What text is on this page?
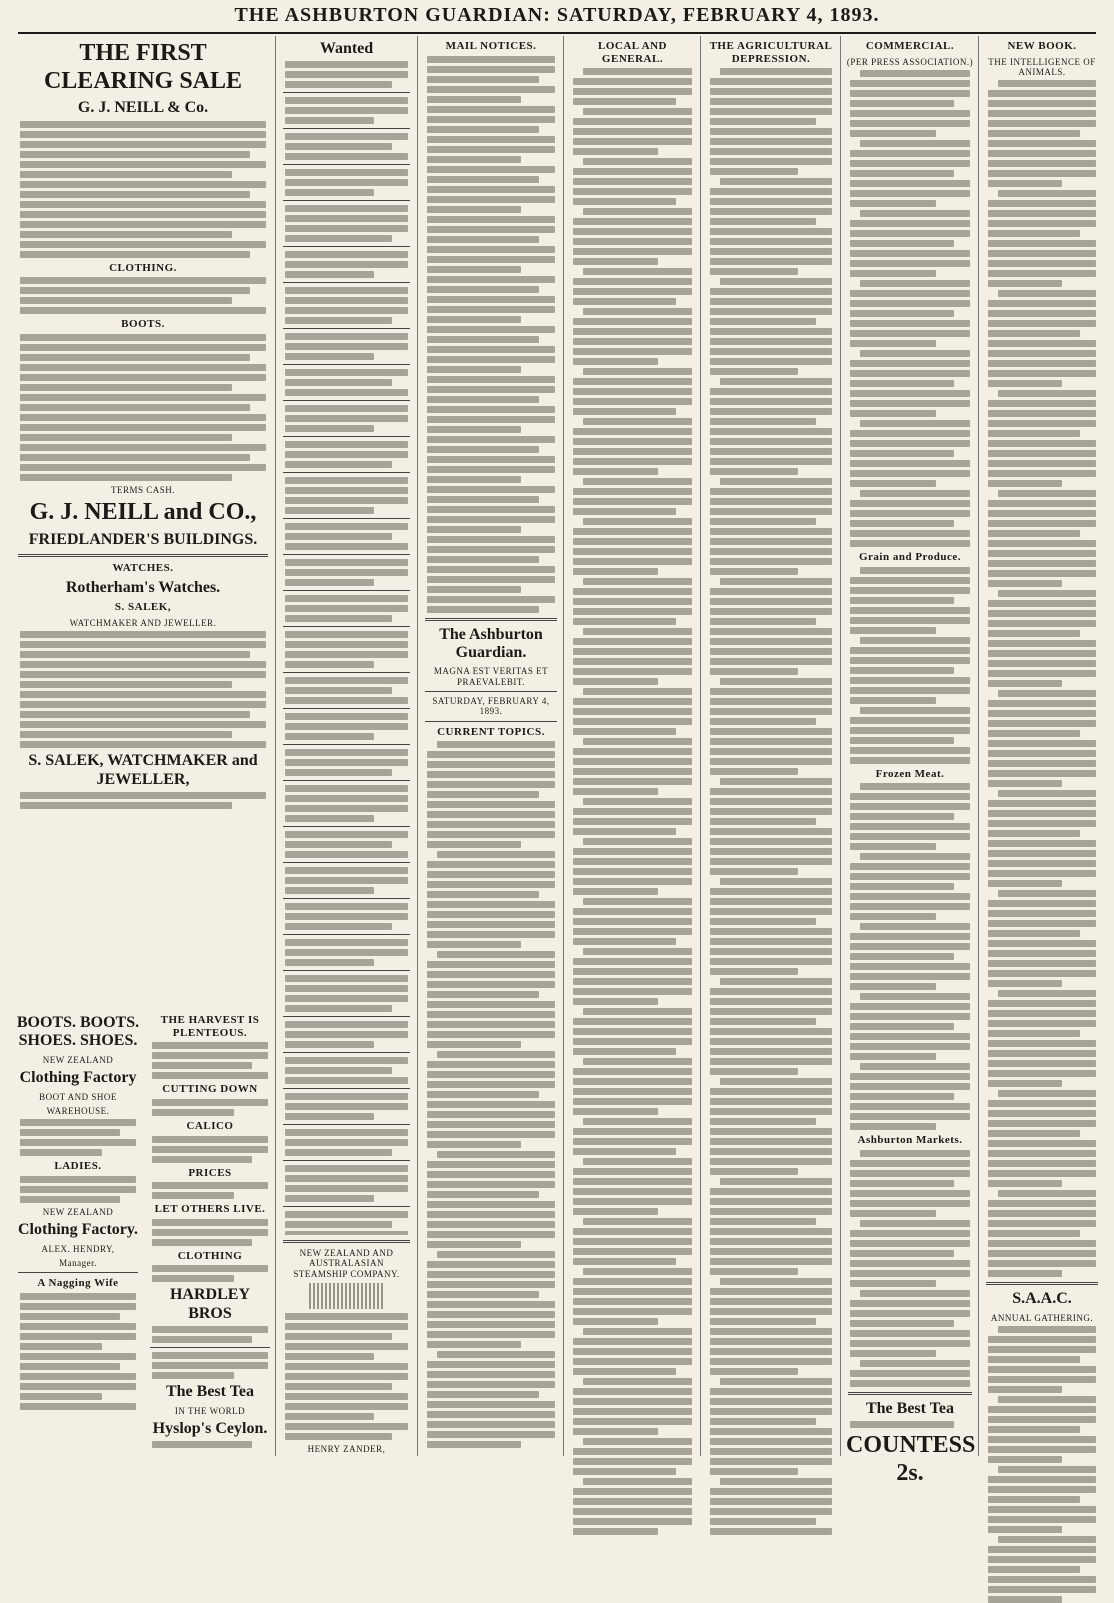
THE ASHBURTON GUARDIAN: SATURDAY, FEBRUARY 4, 1893.
THE FIRST CLEARING SALE
G. J. NEILL & Co.
CLOTHING.
BOOTS.
TERMS CASH.
G. J. NEILL and CO.,
FRIEDLANDER'S BUILDINGS.
WATCHES.
Rotherham's Watches.
S. SALEK,
WATCHMAKER AND JEWELLER.
S. SALEK, WATCHMAKER and JEWELLER,
BOOTS. BOOTS. SHOES. SHOES.
NEW ZEALAND
Clothing Factory
BOOT AND SHOE
WAREHOUSE.
LADIES.
NEW ZEALAND
Clothing Factory.
ALEX. HENDRY,
Manager.
A Nagging Wife
THE HARVEST IS PLENTEOUS.
CUTTING DOWN
CALICO
PRICES
LET OTHERS LIVE.
CLOTHING
HARDLEY BROS
The Best Tea
IN THE WORLD
Hyslop's Ceylon.
Wanted	MAIL NOTICES.
The Ashburton Guardian.
MAGNA EST VERITAS ET PRAEVALEBIT.
SATURDAY, FEBRUARY 4, 1893.
CURRENT TOPICS.
NEW ZEALAND AND AUSTRALASIAN STEAMSHIP COMPANY.
HENRY ZANDER,
LOCAL AND GENERAL.
THE AGRICULTURAL DEPRESSION.
COMMERCIAL.
(PER PRESS ASSOCIATION.)
Grain and Produce.
Frozen Meat.
Ashburton Markets.
The Best Tea
COUNTESS 2s.
NEW BOOK.
THE INTELLIGENCE OF ANIMALS.
S.A.A.C.
ANNUAL GATHERING.
